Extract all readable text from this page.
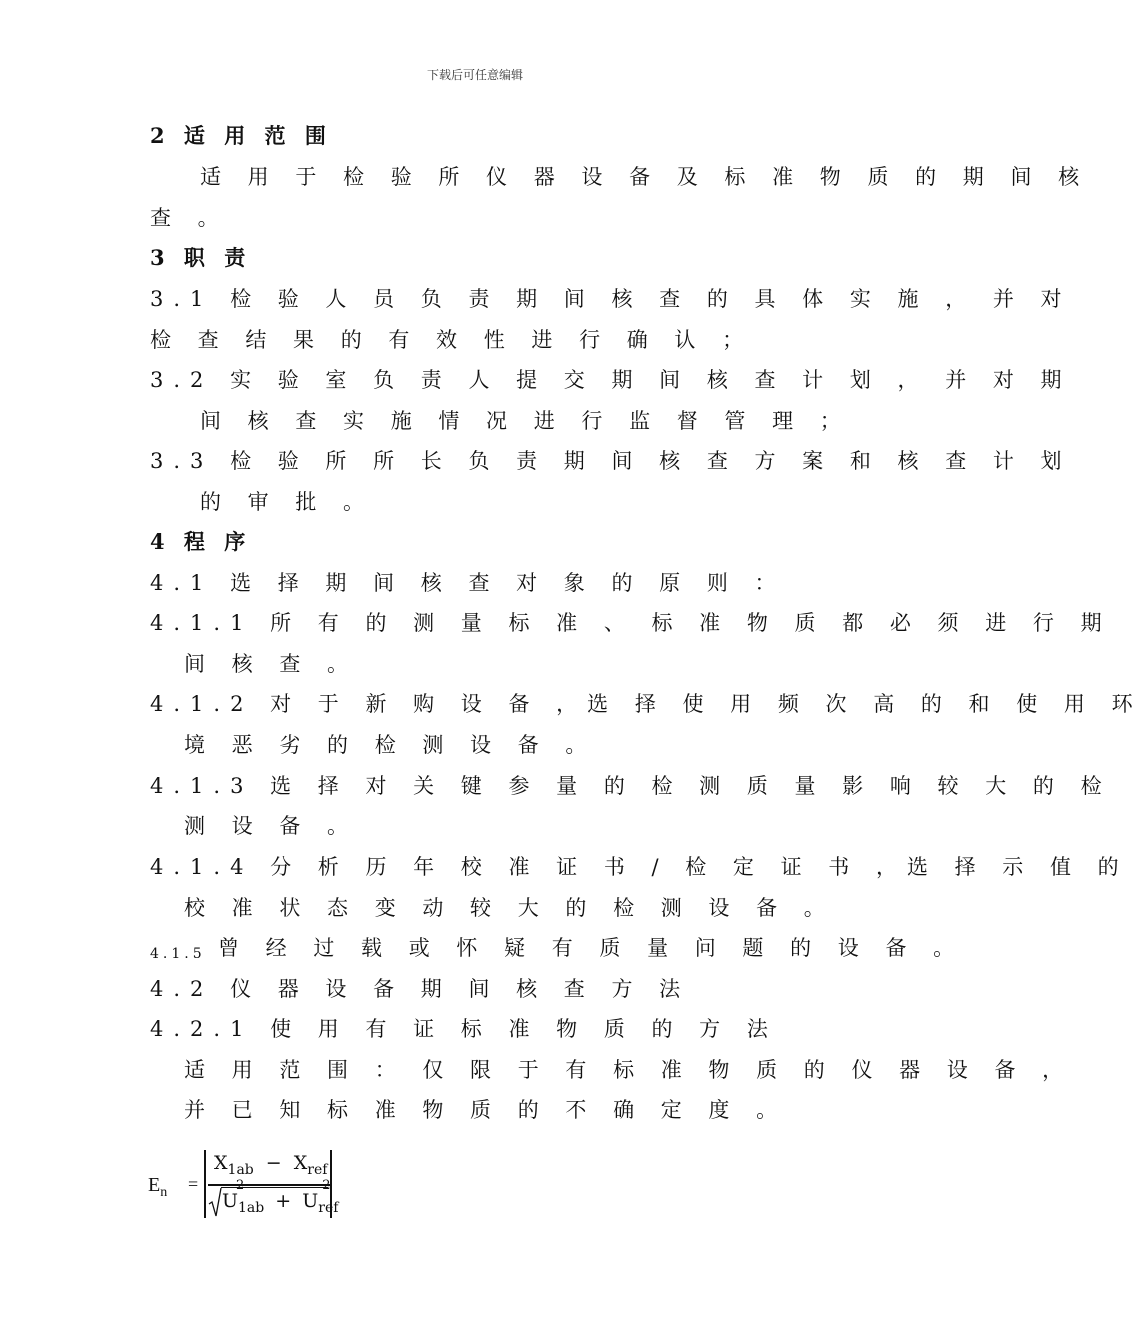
下载后可任意编辑
2 适 用 范 围
适 用 于 检 验 所 仪 器 设 备 及 标 准 物 质 的 期 间 核
查 。
3 职 责
3.1 检 验 人 员 负 责 期 间 核 查 的 具 体 实 施 ， 并 对
检 查 结 果 的 有 效 性 进 行 确 认 ；
3.2 实 验 室 负 责 人 提 交 期 间 核 查 计 划 ， 并 对 期
间 核 查 实 施 情 况 进 行 监 督 管 理 ；
3.3 检 验 所 所 长 负 责 期 间 核 查 方 案 和 核 查 计 划
的 审 批 。
4 程 序
4.1 选 择 期 间 核 查 对 象 的 原 则 ：
4.1.1 所 有 的 测 量 标 准 、 标 准 物 质 都 必 须 进 行 期
间 核 查 。
4.1.2 对 于 新 购 设 备 ，选 择 使 用 频 次 高 的 和 使 用 环
境 恶 劣 的 检 测 设 备 。
4.1.3 选 择 对 关 键 参 量 的 检 测 质 量 影 响 较 大 的 检
测 设 备 。
4.1.4 分 析 历 年 校 准 证 书 / 检 定 证 书 ，选 择 示 值 的
校 准 状 态 变 动 较 大 的 检 测 设 备 。
4.1.5 曾 经 过 载 或 怀 疑 有 质 量 问 题 的 设 备 。
4.2 仪 器 设 备 期 间 核 查 方 法
4.2.1 使 用 有 证 标 准 物 质 的 方 法
适 用 范 围 ： 仅 限 于 有 标 准 物 质 的 仪 器 设 备 ，
并 已 知 标 准 物 质 的 不 确 定 度 。
$E_n$ =
$X_{1ab} - X_{ref}$
U
2
$_{1ab}$ + U
2
$_{ref}$
